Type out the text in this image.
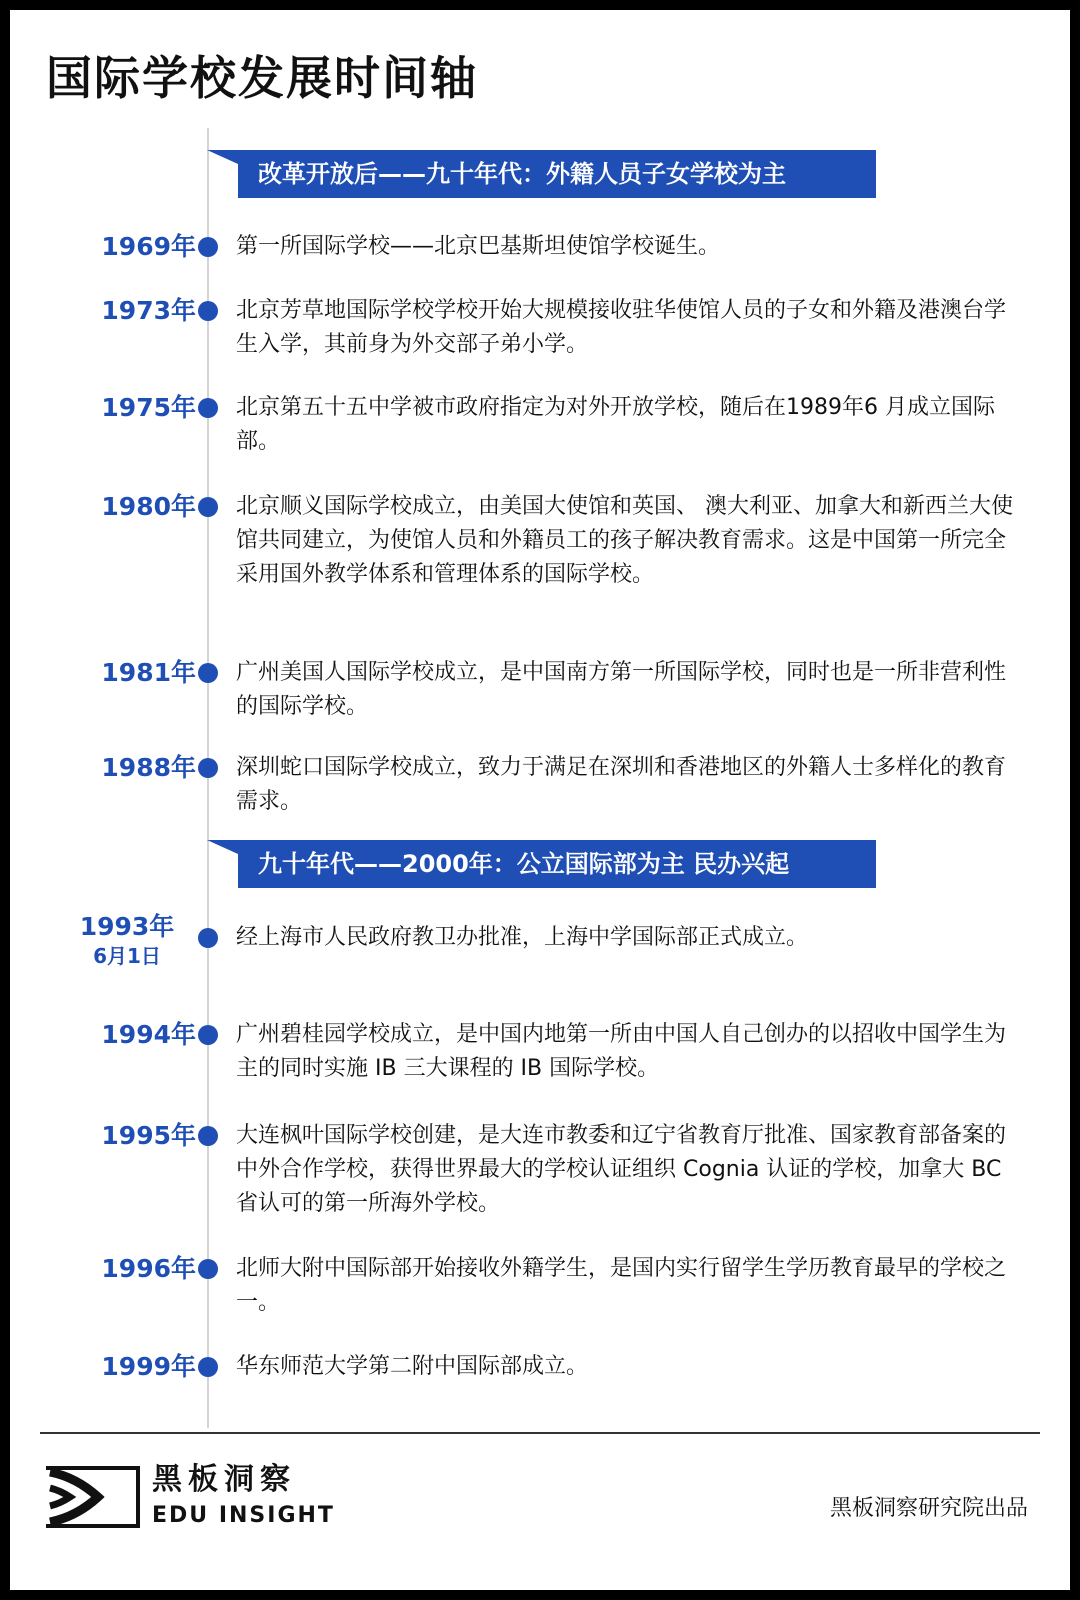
国际学校发展时间轴
改革开放后——九十年代：外籍人员子女学校为主
1969年 第一所国际学校——北京巴基斯坦使馆学校诞生。
1973年 北京芳草地国际学校学校开始大规模接收驻华使馆人员的子女和外籍及港澳台学生入学，其前身为外交部子弟小学。
1975年 北京第五十五中学被市政府指定为对外开放学校，随后在1989年6 月成立国际部。
1980年 北京顺义国际学校成立，由美国大使馆和英国、 澳大利亚、加拿大和新西兰大使馆共同建立，为使馆人员和外籍员工的孩子解决教育需求。这是中国第一所完全采用国外教学体系和管理体系的国际学校。
1981年 广州美国人国际学校成立，是中国南方第一所国际学校，同时也是一所非营利性的国际学校。
1988年 深圳蛇口国际学校成立，致力于满足在深圳和香港地区的外籍人士多样化的教育需求。
九十年代——2000年：公立国际部为主 民办兴起
1993年
6月1日
经上海市人民政府教卫办批准，上海中学国际部正式成立。
1994年 广州碧桂园学校成立，是中国内地第一所由中国人自己创办的以招收中国学生为主的同时实施 IB 三大课程的 IB 国际学校。
1995年 大连枫叶国际学校创建，是大连市教委和辽宁省教育厅批准、国家教育部备案的中外合作学校，获得世界最大的学校认证组织 Cognia 认证的学校，加拿大 BC 省认可的第一所海外学校。
1996年 北师大附中国际部开始接收外籍学生，是国内实行留学生学历教育最早的学校之一。
1999年 华东师范大学第二附中国际部成立。
黑板洞察
EDU INSIGHT	黑板洞察研究院出品
